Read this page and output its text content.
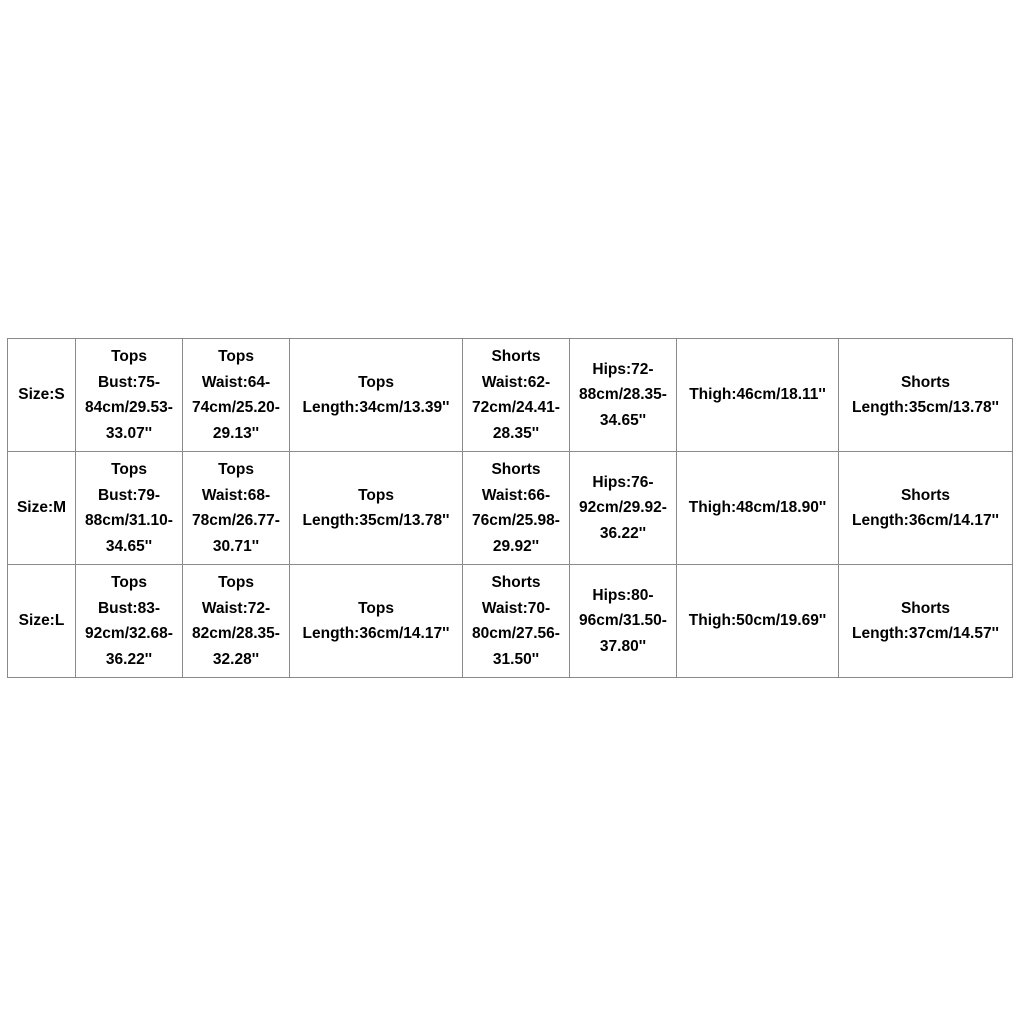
Size:S	Tops
Bust:75-
84cm/29.53-
33.07''	Tops
Waist:64-
74cm/25.20-
29.13''	Tops
Length:34cm/13.39''	Shorts
Waist:62-
72cm/24.41-
28.35''	Hips:72-
88cm/28.35-
34.65''	Thigh:46cm/18.11''	Shorts
Length:35cm/13.78''
Size:M	Tops
Bust:79-
88cm/31.10-
34.65''	Tops
Waist:68-
78cm/26.77-
30.71''	Tops
Length:35cm/13.78''	Shorts
Waist:66-
76cm/25.98-
29.92''	Hips:76-
92cm/29.92-
36.22''	Thigh:48cm/18.90''	Shorts
Length:36cm/14.17''
Size:L	Tops
Bust:83-
92cm/32.68-
36.22''	Tops
Waist:72-
82cm/28.35-
32.28''	Tops
Length:36cm/14.17''	Shorts
Waist:70-
80cm/27.56-
31.50''	Hips:80-
96cm/31.50-
37.80''	Thigh:50cm/19.69''	Shorts
Length:37cm/14.57''
